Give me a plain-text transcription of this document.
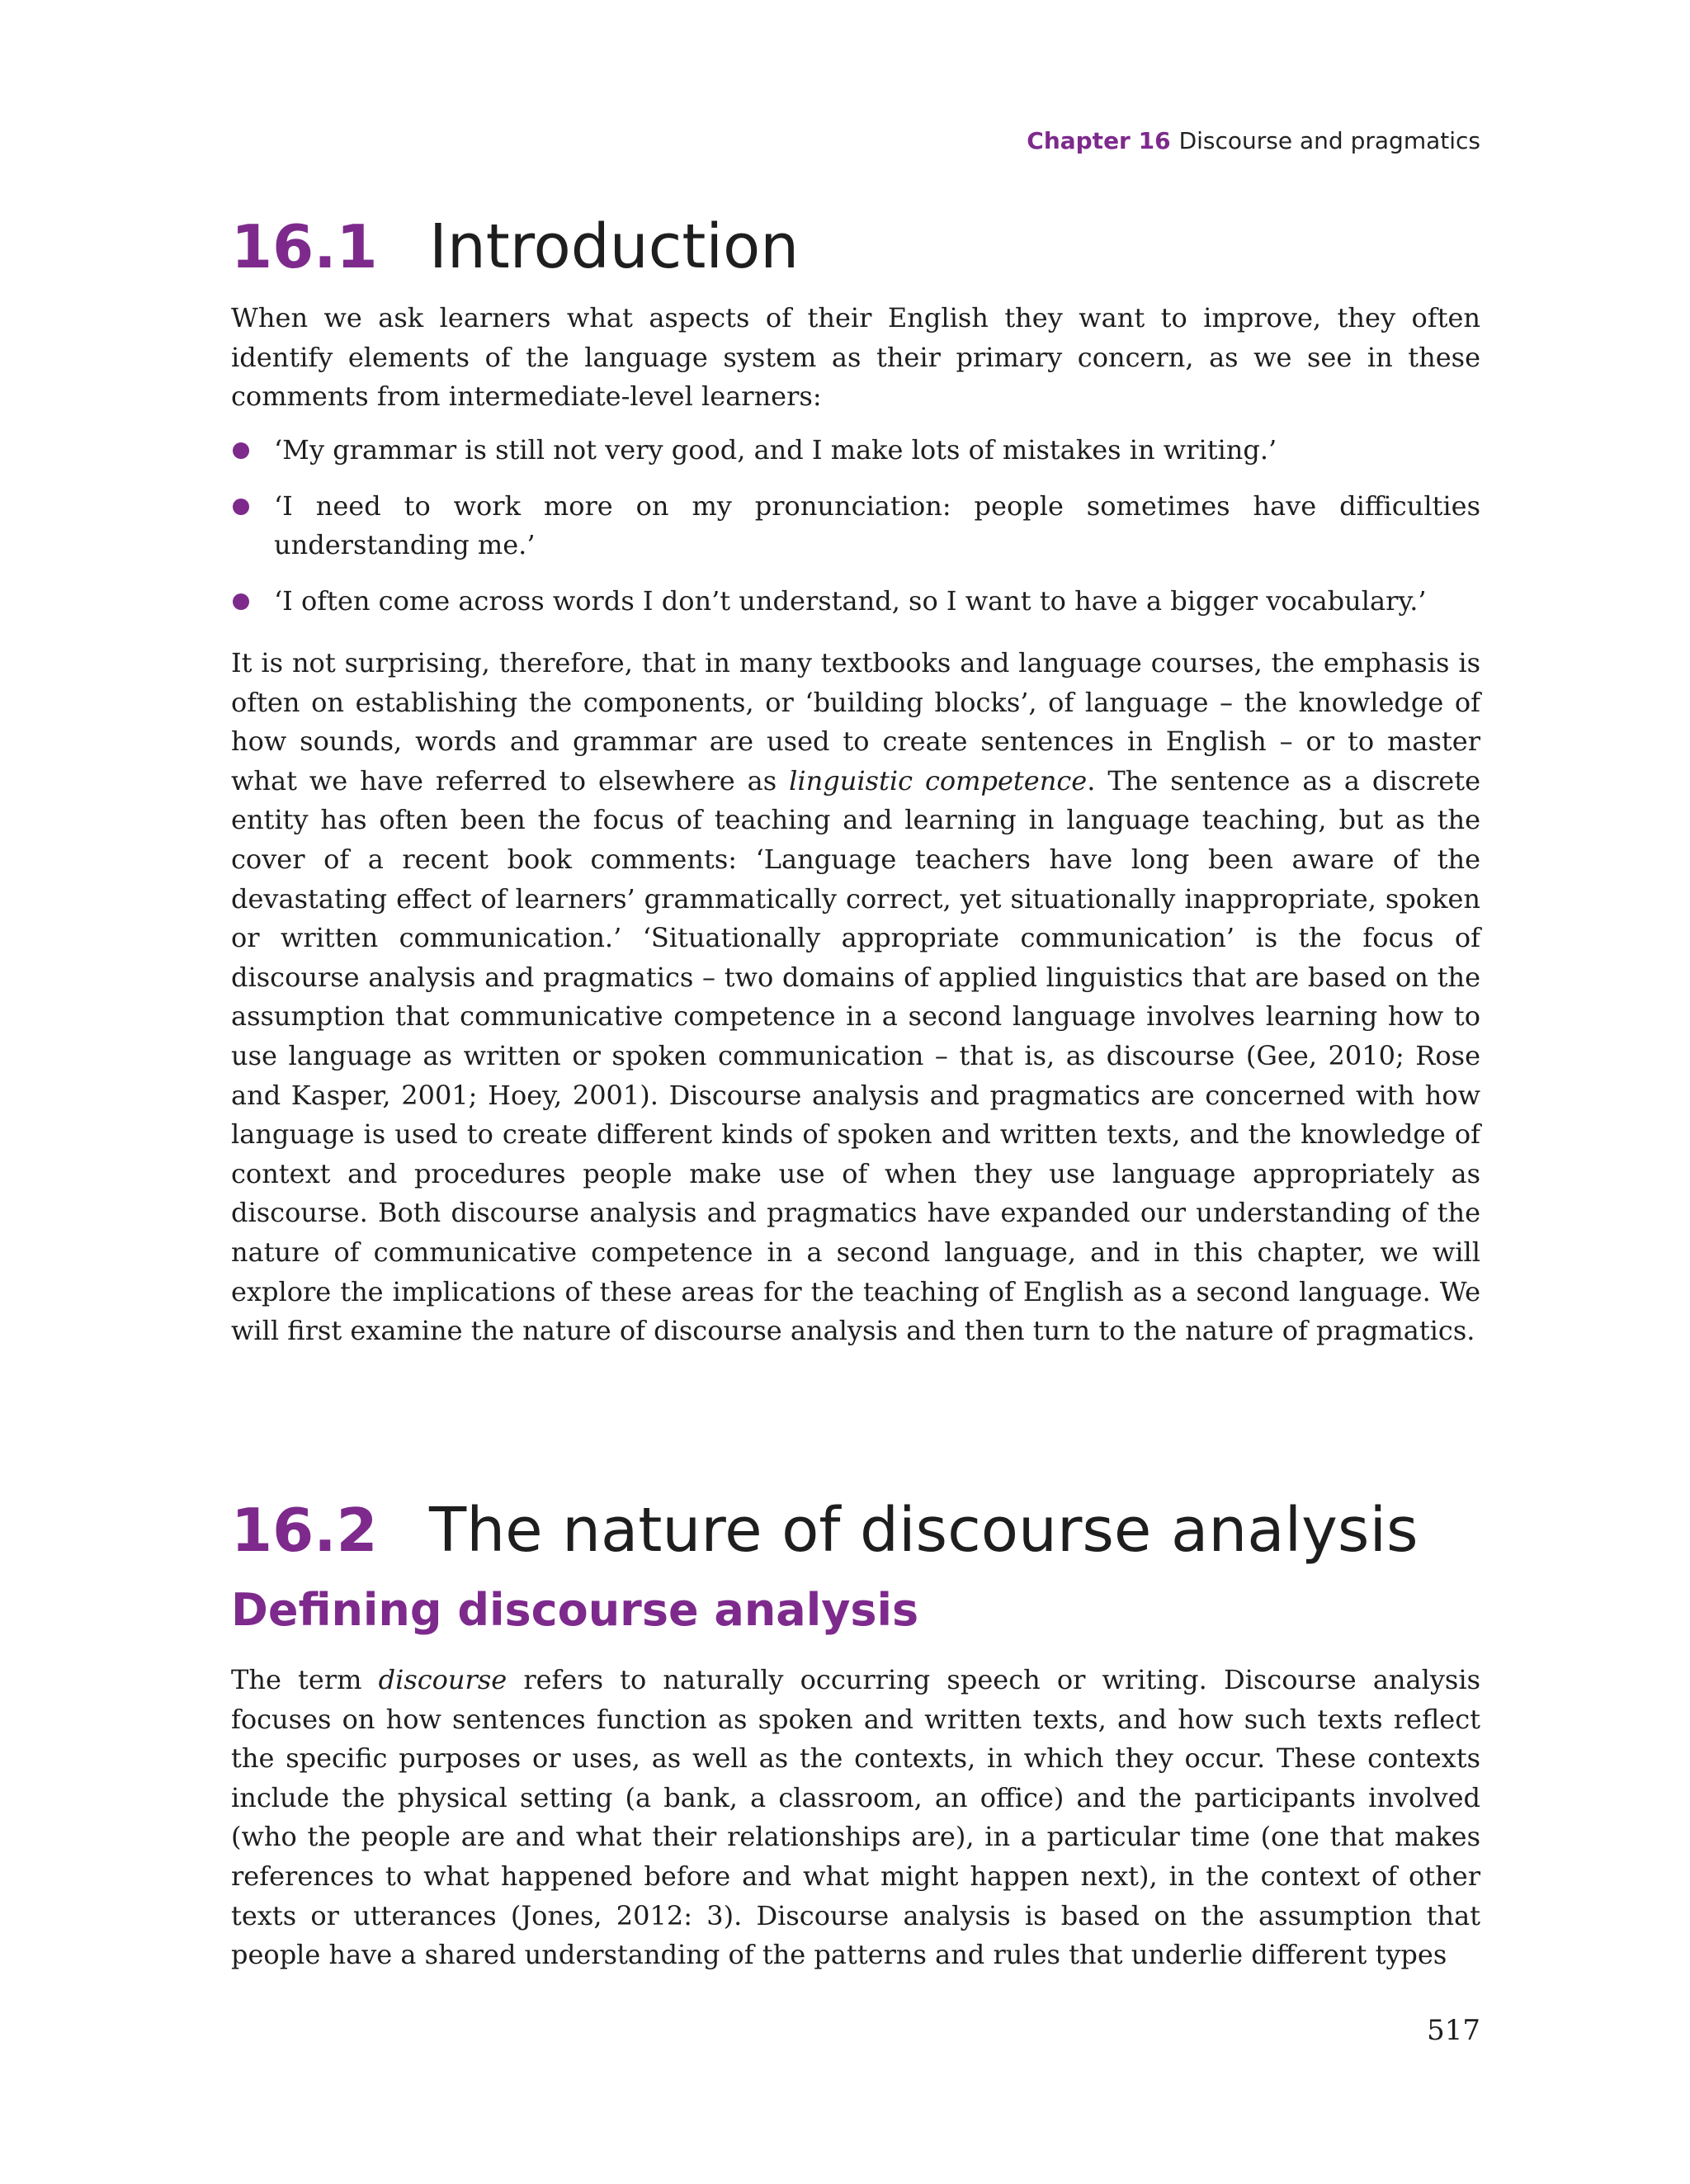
Chapter 16 Discourse and pragmatics
16.1 Introduction

When we ask learners what aspects of their English they want to improve, they often identify elements of the language system as their primary concern, as we see in these comments from intermediate-level learners:

‘My grammar is still not very good, and I make lots of mistakes in writing.’
‘I need to work more on my pronunciation: people sometimes have difficulties understanding me.’
‘I often come across words I don’t understand, so I want to have a bigger vocabulary.’

It is not surprising, therefore, that in many textbooks and language courses, the emphasis is often on establishing the components, or ‘building blocks’, of language – the knowledge of how sounds, words and grammar are used to create sentences in English – or to master what we have referred to elsewhere as linguistic competence. The sentence as a discrete entity has often been the focus of teaching and learning in language teaching, but as the cover of a recent book comments: ‘Language teachers have long been aware of the devastating effect of learners’ grammatically correct, yet situationally inappropriate, spoken or written communication.’ ‘Situationally appropriate communication’ is the focus of discourse analysis and pragmatics – two domains of applied linguistics that are based on the assumption that communicative competence in a second language involves learning how to use language as written or spoken communication – that is, as discourse (Gee, 2010; Rose and Kasper, 2001; Hoey, 2001). Discourse analysis and pragmatics are concerned with how language is used to create different kinds of spoken and written texts, and the knowledge of context and procedures people make use of when they use language appropriately as discourse. Both discourse analysis and pragmatics have expanded our understanding of the nature of communicative competence in a second language, and in this chapter, we will explore the implications of these areas for the teaching of English as a second language. We will first examine the nature of discourse analysis and then turn to the nature of pragmatics.

16.2 The nature of discourse analysis
Defining discourse analysis

The term discourse refers to naturally occurring speech or writing. Discourse analysis focuses on how sentences function as spoken and written texts, and how such texts reflect the specific purposes or uses, as well as the contexts, in which they occur. These contexts include the physical setting (a bank, a classroom, an office) and the participants involved (who the people are and what their relationships are), in a particular time (one that makes references to what happened before and what might happen next), in the context of other texts or utterances (Jones, 2012: 3). Discourse analysis is based on the assumption that people have a shared understanding of the patterns and rules that underlie different types

517
